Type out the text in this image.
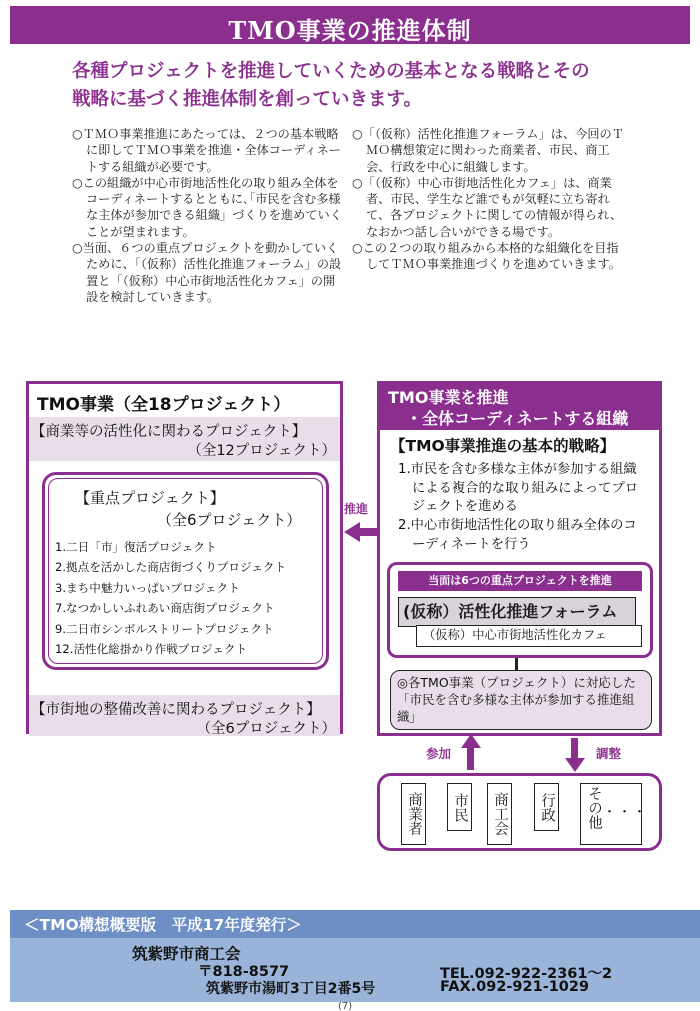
TMO事業の推進体制
各種プロジェクトを推進していくための基本となる戦略とその
戦略に基づく推進体制を創っていきます。
○ＴＭＯ事業推進にあたっては、２つの基本戦略に即してＴＭＯ事業を推進・全体コーディネートする組織が必要です。
○この組織が中心市街地活性化の取り組み全体をコーディネートするとともに､｢市民を含む多様な主体が参加できる組織」づくりを進めていくことが望まれます。
○当面、６つの重点プロジェクトを動かしていくために、「（仮称）活性化推進フォーラム」の設置と「（仮称）中心市街地活性化カフェ」の開設を検討していきます。
○「（仮称）活性化推進フォーラム」は、今回のＴＭＯ構想策定に関わった商業者、市民、商工会、行政を中心に組織します。
○「（仮称）中心市街地活性化カフェ」は、商業者、市民、学生など誰でもが気軽に立ち寄れて、各プロジェクトに関しての情報が得られ、なおかつ話し合いができる場です。
○この２つの取り組みから本格的な組織化を目指してＴＭＯ事業推進づくりを進めていきます。
TMO事業（全18プロジェクト）
【商業等の活性化に関わるプロジェクト】
（全12プロジェクト）
【重点プロジェクト】
（全6プロジェクト）
1.二日「市」復活プロジェクト
2.拠点を活かした商店街づくりプロジェクト
3.まち中魅力いっぱいプロジェクト
7.なつかしいふれあい商店街プロジェクト
9.二日市シンボルストリートプロジェクト
12.活性化総掛かり作戦プロジェクト
【市街地の整備改善に関わるプロジェクト】
（全6プロジェクト）
推進
TMO事業を推進
・全体コーディネートする組織
【TMO事業推進の基本的戦略】
1.市民を含む多様な主体が参加する組織による複合的な取り組みによってプロジェクトを進める
2.中心市街地活性化の取り組み全体のコーディネートを行う
当面は6つの重点プロジェクトを推進
(仮称）活性化推進フォーラム
（仮称）中心市街地活性化カフェ
◎各TMO事業（プロジェクト）に対応した「市民を含む多様な主体が参加する推進組織」
参加	調整
商業者	市民	商工会	行政 その他 ・・・
＜TMO構想概要版　平成17年度発行＞
筑紫野市商工会
〒818-8577
筑紫野市湯町3丁目2番5号
TEL.092-922-2361～2
FAX.092-921-1029
(7)
